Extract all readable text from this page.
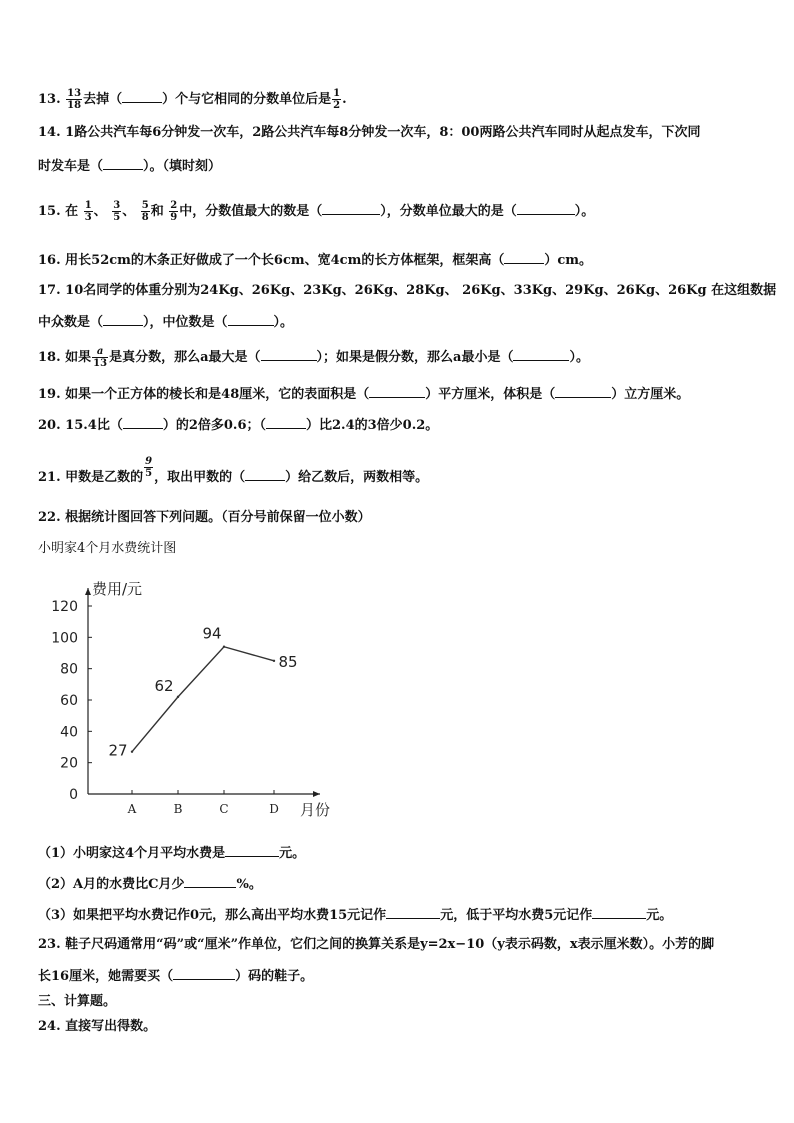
13. $\frac{13}{18}$ 去掉（	）个与它相同的分数单位后是 $\frac{1}{2}$ .
14. 1路公共汽车每6分钟发一次车，2路公共汽车每8分钟发一次车，8：00两路公共汽车同时从起点发车，下次同
时发车是（	）。（填时刻）
15. 在 $\frac{1}{3}$ 、 $\frac{3}{5}$ 、 $\frac{5}{8}$ 和 $\frac{2}{9}$ 中，分数值最大的数是（	），分数单位最大的是（	）。
16. 用长52cm的木条正好做成了一个长6cm、宽4cm的长方体框架，框架高（	）cm。
17. 10名同学的体重分别为24Kg、26Kg、23Kg、26Kg、28Kg、 26Kg、33Kg、29Kg、26Kg、26Kg 在这组数据
中众数是（	），中位数是（	）。
18. 如果 $\frac{a}{13}$ 是真分数，那么a最大是（	）；如果是假分数，那么a最小是（	）。
19. 如果一个正方体的棱长和是48厘米，它的表面积是（	）平方厘米，体积是（	）立方厘米。
20. 15.4比（	）的2倍多0.6；（	）比2.4的3倍少0.2。
21. 甲数是乙数的 $\frac{9}{5}$ ，取出甲数的（	）给乙数后，两数相等。
22. 根据统计图回答下列问题。（百分号前保留一位小数）
小明家4个月水费统计图
0
20
40
60
80
100
120
A	B	C	D
费用/元
月份
27
62
94
85
（1）小明家这4个月平均水费是	元。
（2）A月的水费比C月少	%。
（3）如果把平均水费记作0元，那么高出平均水费15元记作	元，低于平均水费5元记作	元。
23. 鞋子尺码通常用“码”或“厘米”作单位，它们之间的换算关系是y=2x−10（y表示码数，x表示厘米数）。小芳的脚
长16厘米，她需要买（	）码的鞋子。
三、计算题。
24. 直接写出得数。
